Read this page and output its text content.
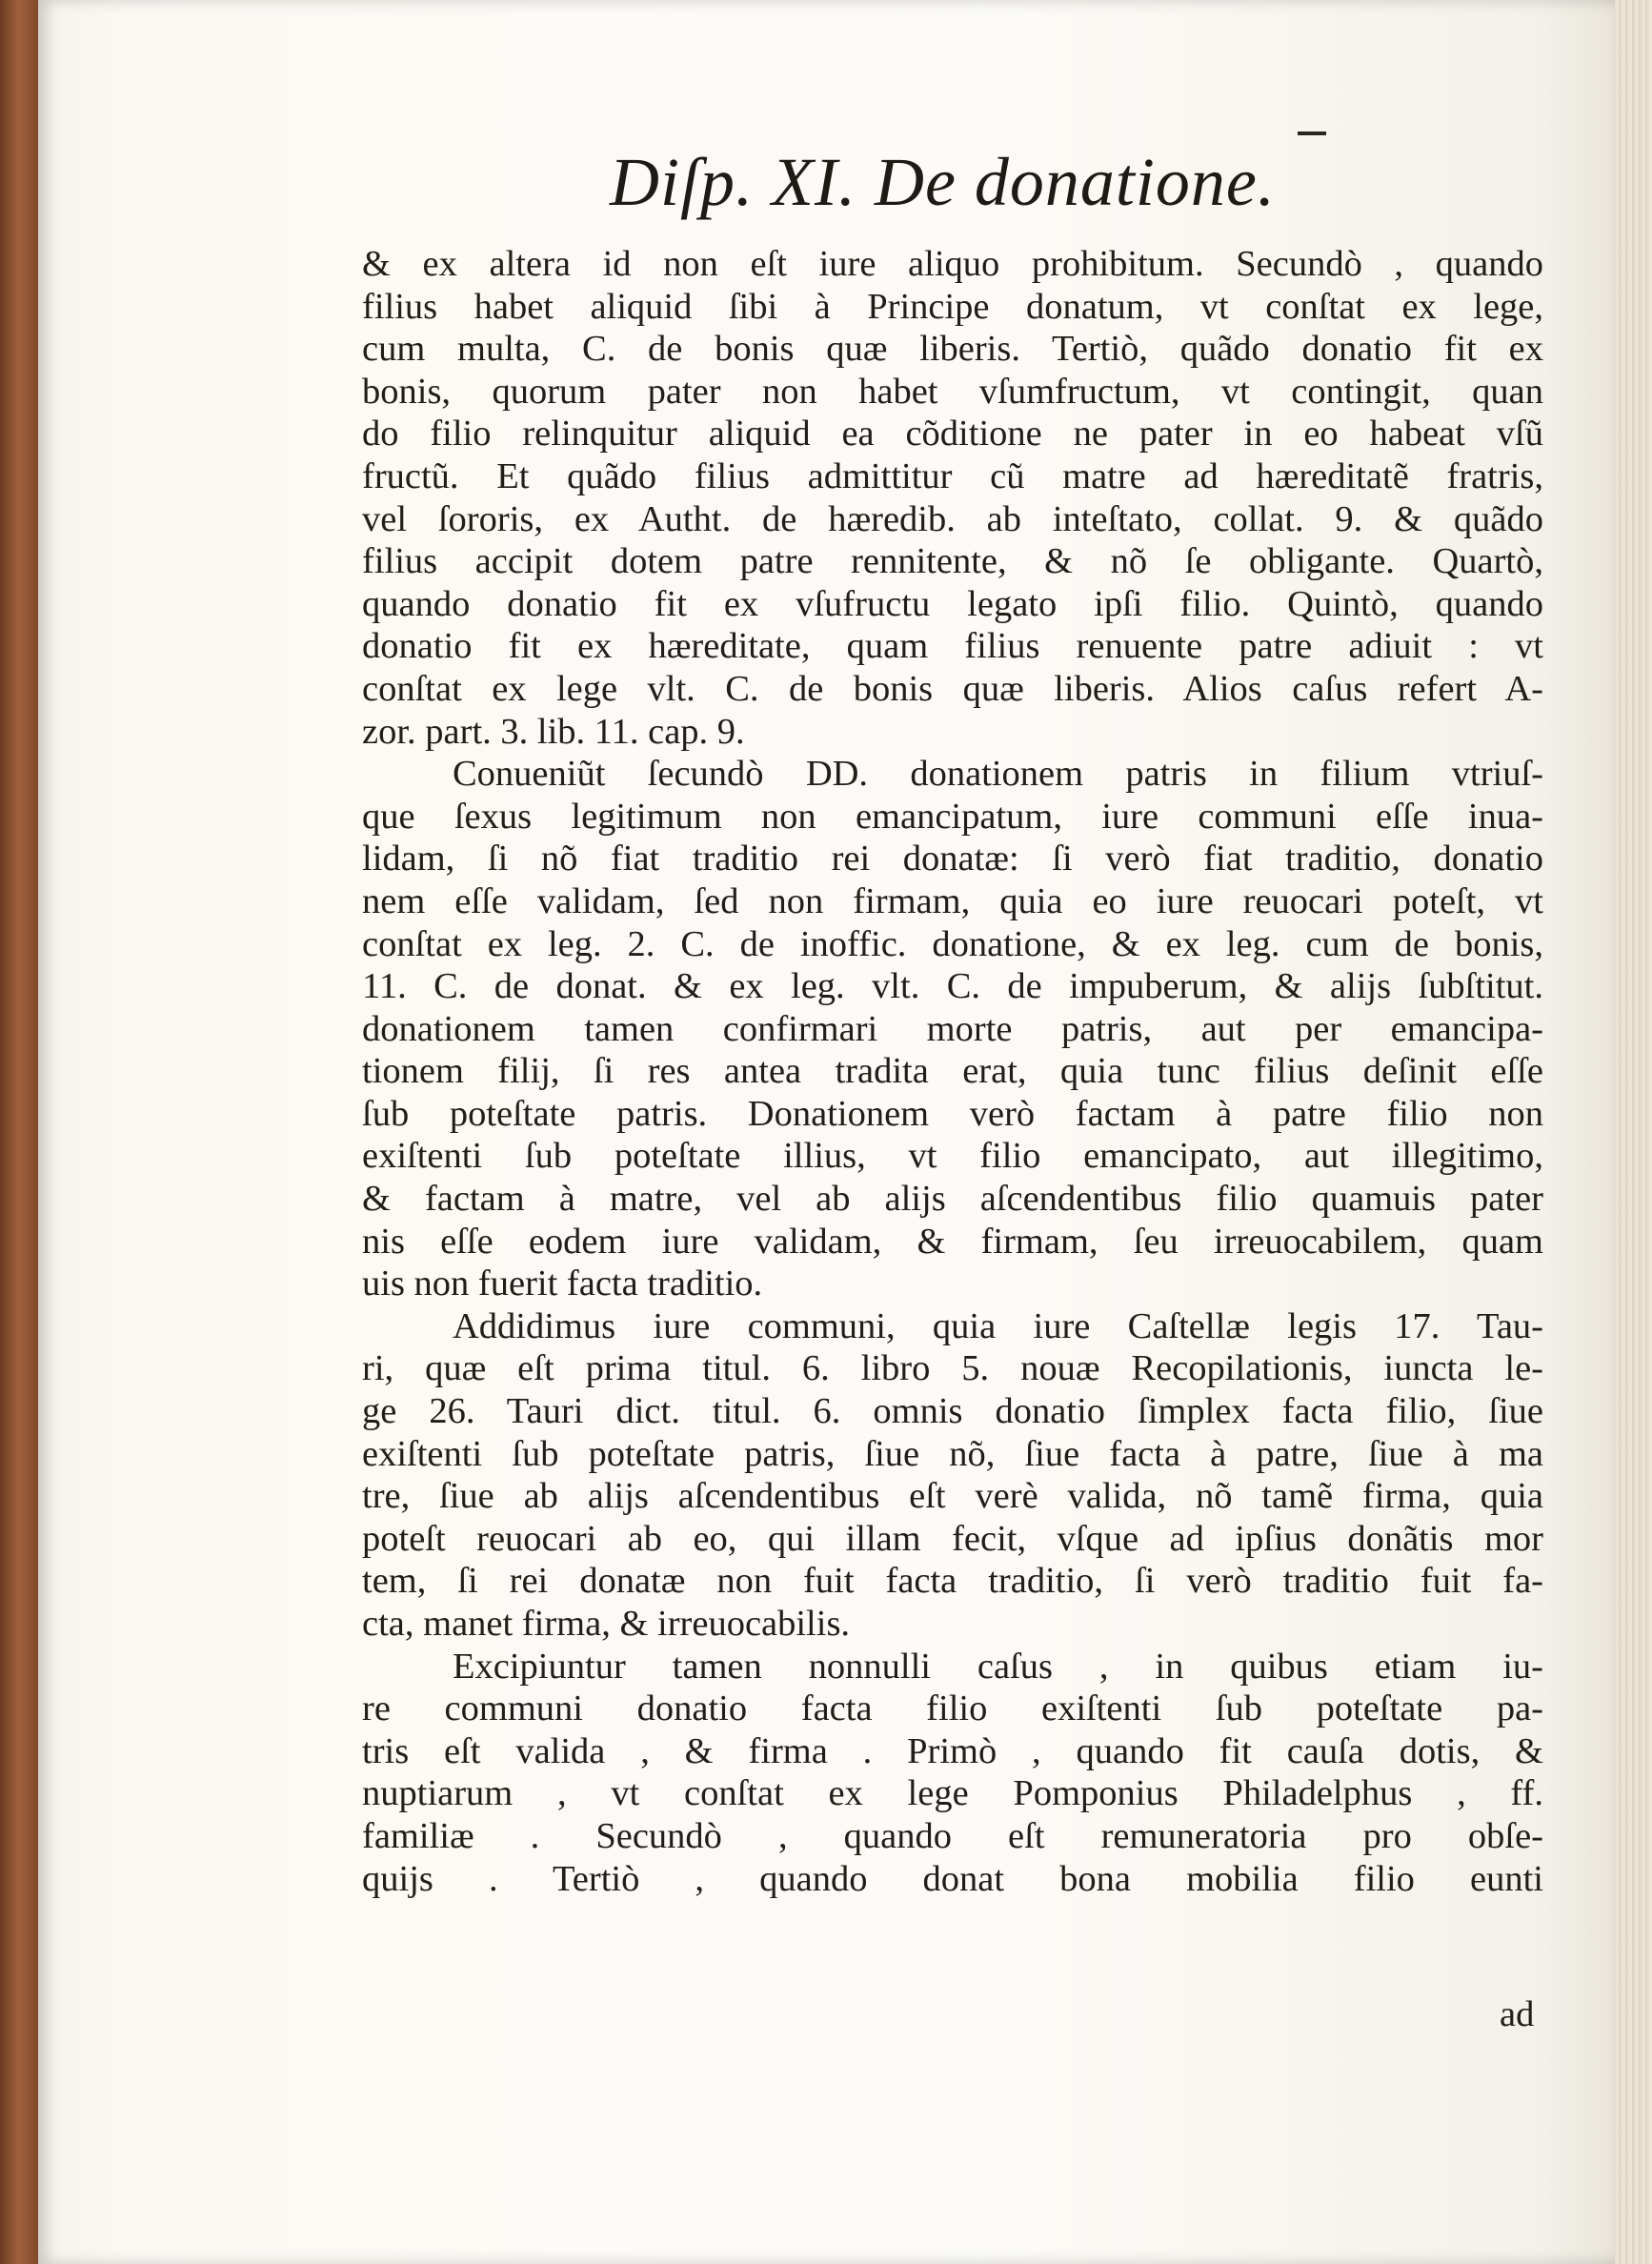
Diſp. XI. De donatione.
& ex altera id non eſt iure aliquo prohibitum. Secundò , quando
filius habet aliquid ſibi à Principe donatum, vt conſtat ex lege,
cum multa, C. de bonis quæ liberis. Tertiò, quãdo donatio fit ex
bonis, quorum pater non habet vſumfructum, vt contingit, quan
do filio relinquitur aliquid ea cõditione ne pater in eo habeat vſũ
fructũ. Et quãdo filius admittitur cũ matre ad hæreditatẽ fratris,
vel ſororis, ex Autht. de hæredib. ab inteſtato, collat. 9. & quãdo
filius accipit dotem patre rennitente, & nõ ſe obligante. Quartò,
quando donatio fit ex vſufructu legato ipſi filio. Quintò, quando
donatio fit ex hæreditate, quam filius renuente patre adiuit : vt
conſtat ex lege vlt. C. de bonis quæ liberis. Alios caſus refert A-
zor. part. 3. lib. 11. cap. 9.
Conueniũt ſecundò DD. donationem patris in filium vtriuſ-
que ſexus legitimum non emancipatum, iure communi eſſe inua-
lidam, ſi nõ fiat traditio rei donatæ: ſi verò fiat traditio, donatio
nem eſſe validam, ſed non firmam, quia eo iure reuocari poteſt, vt
conſtat ex leg. 2. C. de inoffic. donatione, & ex leg. cum de bonis,
11. C. de donat. & ex leg. vlt. C. de impuberum, & alijs ſubſtitut.
donationem tamen confirmari morte patris, aut per emancipa-
tionem filij, ſi res antea tradita erat, quia tunc filius deſinit eſſe
ſub poteſtate patris. Donationem verò factam à patre filio non
exiſtenti ſub poteſtate illius, vt filio emancipato, aut illegitimo,
& factam à matre, vel ab alijs aſcendentibus filio quamuis pater
nis eſſe eodem iure validam, & firmam, ſeu irreuocabilem, quam
uis non fuerit facta traditio.
Addidimus iure communi, quia iure Caſtellæ legis 17. Tau-
ri, quæ eſt prima titul. 6. libro 5. nouæ Recopilationis, iuncta le-
ge 26. Tauri dict. titul. 6. omnis donatio ſimplex facta filio, ſiue
exiſtenti ſub poteſtate patris, ſiue nõ, ſiue facta à patre, ſiue à ma
tre, ſiue ab alijs aſcendentibus eſt verè valida, nõ tamẽ firma, quia
poteſt reuocari ab eo, qui illam fecit, vſque ad ipſius donãtis mor
tem, ſi rei donatæ non fuit facta traditio, ſi verò traditio fuit fa-
cta, manet firma, & irreuocabilis.
Excipiuntur tamen nonnulli caſus , in quibus etiam iu-
re communi donatio facta filio exiſtenti ſub poteſtate pa-
tris eſt valida , & firma . Primò , quando fit cauſa dotis, &
nuptiarum , vt conſtat ex lege Pomponius Philadelphus , ff.
familiæ . Secundò , quando eſt remuneratoria pro obſe-
quijs . Tertiò , quando donat bona mobilia filio eunti
ad
